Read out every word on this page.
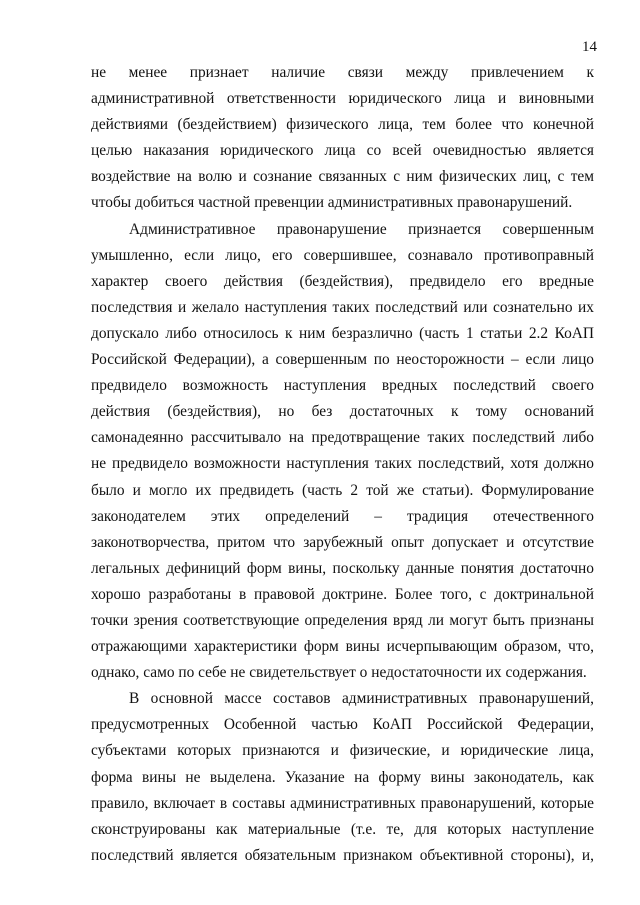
14

не менее признает наличие связи между привлечением к
административной ответственности юридического лица и виновными
действиями (бездействием) физического лица, тем более что конечной
целью наказания юридического лица со всей очевидностью является
воздействие на волю и сознание связанных с ним физических лиц, с тем
чтобы добиться частной превенции административных правонарушений.

Административное правонарушение признается совершенным
умышленно, если лицо, его совершившее, сознавало противоправный
характер своего действия (бездействия), предвидело его вредные
последствия и желало наступления таких последствий или сознательно их
допускало либо относилось к ним безразлично (часть 1 статьи 2.2 КоАП
Российской Федерации), а совершенным по неосторожности – если лицо
предвидело возможность наступления вредных последствий своего
действия (бездействия), но без достаточных к тому оснований
самонадеянно рассчитывало на предотвращение таких последствий либо
не предвидело возможности наступления таких последствий, хотя должно
было и могло их предвидеть (часть 2 той же статьи). Формулирование
законодателем этих определений – традиция отечественного
законотворчества, притом что зарубежный опыт допускает и отсутствие
легальных дефиниций форм вины, поскольку данные понятия достаточно
хорошо разработаны в правовой доктрине. Более того, с доктринальной
точки зрения соответствующие определения вряд ли могут быть признаны
отражающими характеристики форм вины исчерпывающим образом, что,
однако, само по себе не свидетельствует о недостаточности их содержания.

В основной массе составов административных правонарушений,
предусмотренных Особенной частью КоАП Российской Федерации,
субъектами которых признаются и физические, и юридические лица,
форма вины не выделена. Указание на форму вины законодатель, как
правило, включает в составы административных правонарушений, которые
сконструированы как материальные (т.е. те, для которых наступление
последствий является обязательным признаком объективной стороны), и,
